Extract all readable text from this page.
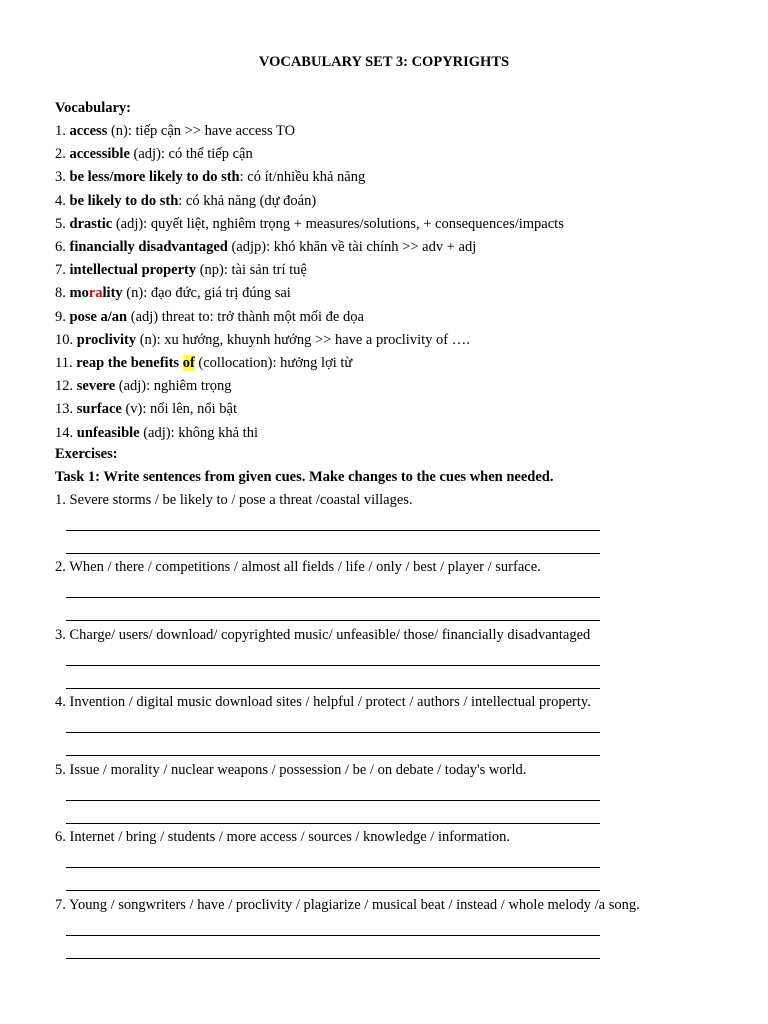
VOCABULARY SET 3: COPYRIGHTS
Vocabulary:
1. access (n): tiếp cận >> have access TO
2. accessible (adj): có thể tiếp cận
3. be less/more likely to do sth: có ít/nhiều khả năng
4. be likely to do sth: có khả năng (dự đoán)
5. drastic (adj): quyết liệt, nghiêm trọng + measures/solutions, + consequences/impacts
6. financially disadvantaged (adjp): khó khăn về tài chính >> adv + adj
7. intellectual property (np): tài sản trí tuệ
8. morality (n): đạo đức, giá trị đúng sai
9. pose a/an (adj) threat to: trở thành một mối đe dọa
10. proclivity (n): xu hướng, khuynh hướng >> have a proclivity of ….
11. reap the benefits of (collocation): hưởng lợi từ
12. severe (adj): nghiêm trọng
13. surface (v): nổi lên, nổi bật
14. unfeasible (adj): không khả thi
Exercises:

Task 1: Write sentences from given cues. Make changes to the cues when needed.

1. Severe storms / be likely to / pose a threat /coastal villages.

2. When / there / competitions / almost all fields / life / only / best / player / surface.

3. Charge/ users/ download/ copyrighted music/ unfeasible/ those/ financially disadvantaged

4. Invention / digital music download sites / helpful / protect / authors / intellectual property.

5. Issue / morality / nuclear weapons / possession / be / on debate / today's world.

6. Internet / bring / students / more access / sources / knowledge / information.

7. Young / songwriters / have / proclivity / plagiarize / musical beat / instead / whole melody /a song.
